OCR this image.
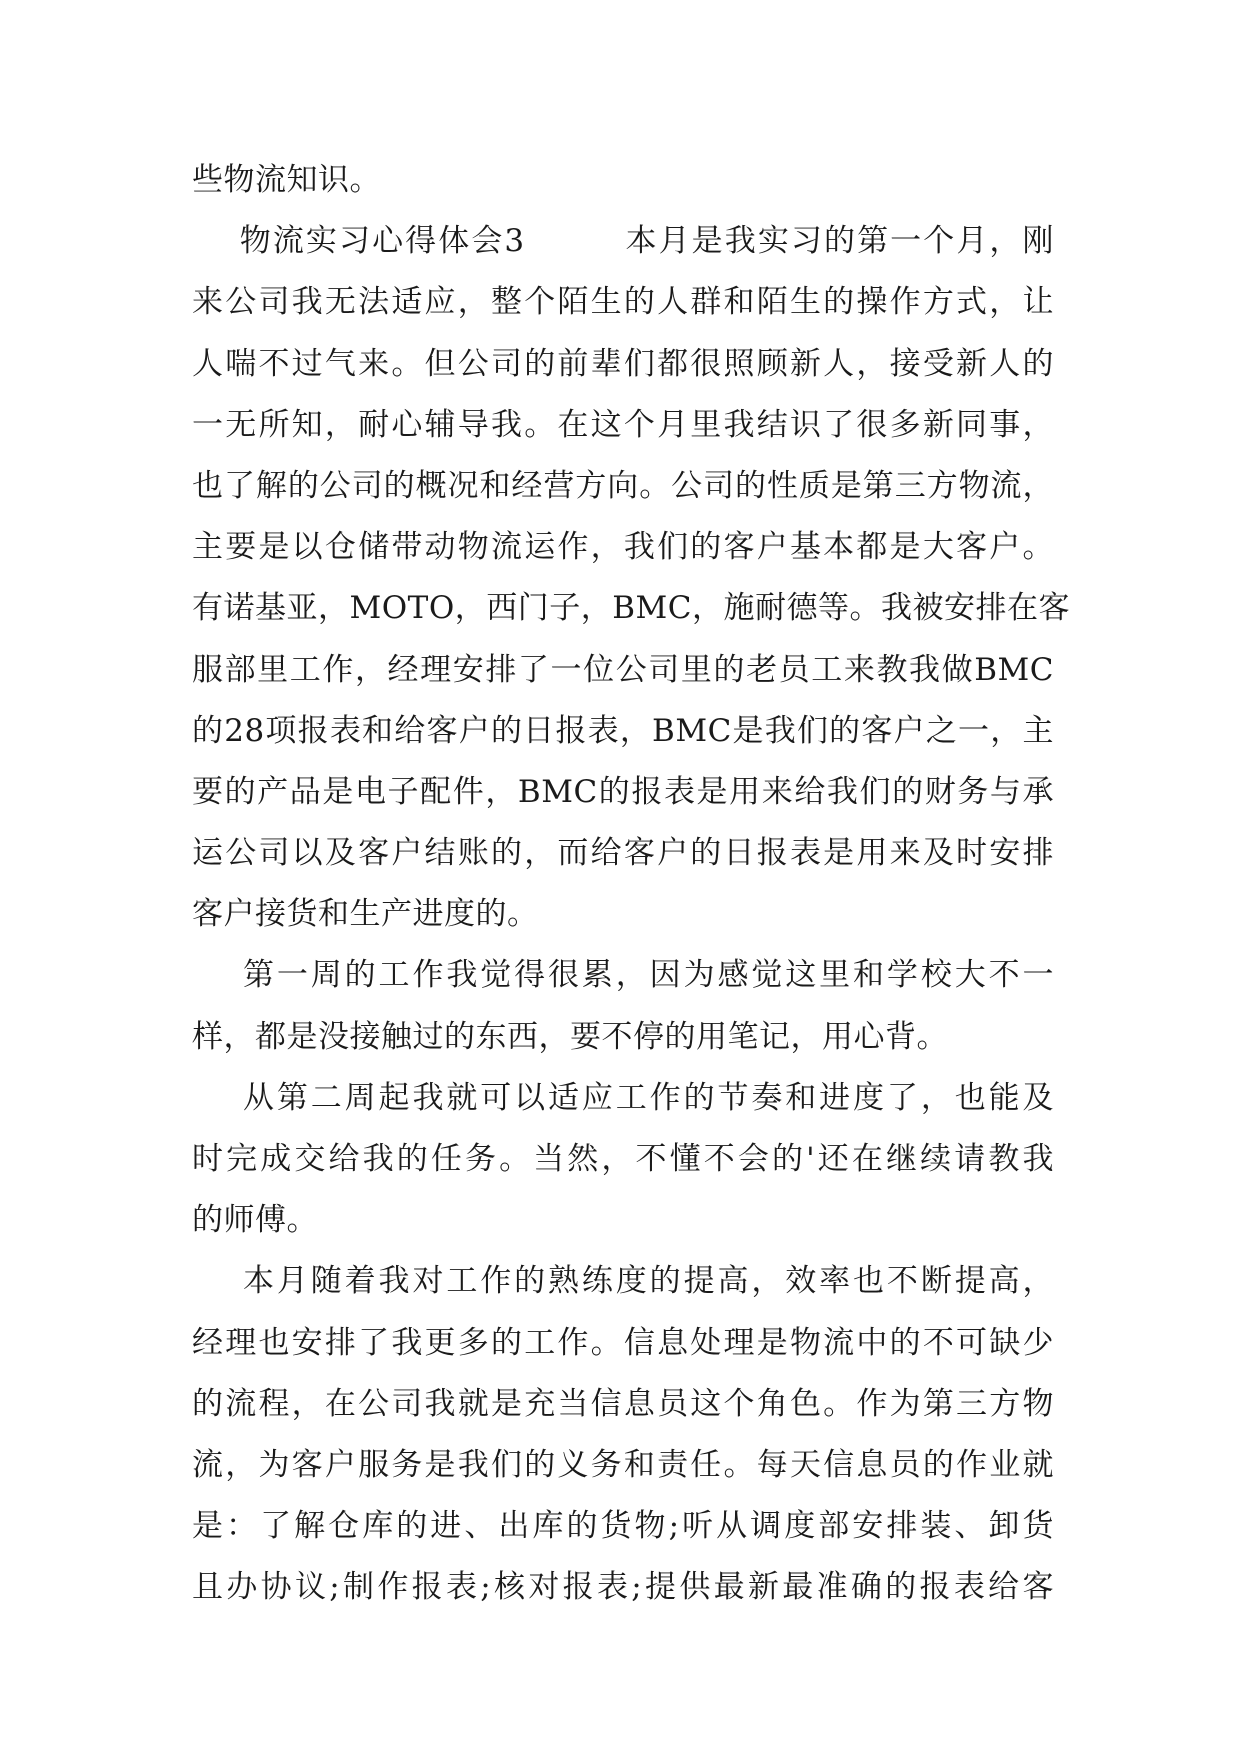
些物流知识。
物流实习心得体会3　　　本月是我实习的第一个月，刚
来公司我无法适应，整个陌生的人群和陌生的操作方式，让
人喘不过气来。但公司的前辈们都很照顾新人，接受新人的
一无所知，耐心辅导我。在这个月里我结识了很多新同事，
也了解的公司的概况和经营方向。公司的性质是第三方物流，
主要是以仓储带动物流运作，我们的客户基本都是大客户。
有诺基亚，MOTO，西门子，BMC，施耐德等。我被安排在客
服部里工作，经理安排了一位公司里的老员工来教我做BMC
的28项报表和给客户的日报表，BMC是我们的客户之一，主
要的产品是电子配件，BMC的报表是用来给我们的财务与承
运公司以及客户结账的，而给客户的日报表是用来及时安排
客户接货和生产进度的。
第一周的工作我觉得很累，因为感觉这里和学校大不一
样，都是没接触过的东西，要不停的用笔记，用心背。
从第二周起我就可以适应工作的节奏和进度了，也能及
时完成交给我的任务。当然，不懂不会的'还在继续请教我
的师傅。
本月随着我对工作的熟练度的提高，效率也不断提高，
经理也安排了我更多的工作。信息处理是物流中的不可缺少
的流程，在公司我就是充当信息员这个角色。作为第三方物
流，为客户服务是我们的义务和责任。每天信息员的作业就
是：了解仓库的进、出库的货物;听从调度部安排装、卸货
且办协议;制作报表;核对报表;提供最新最准确的报表给客
